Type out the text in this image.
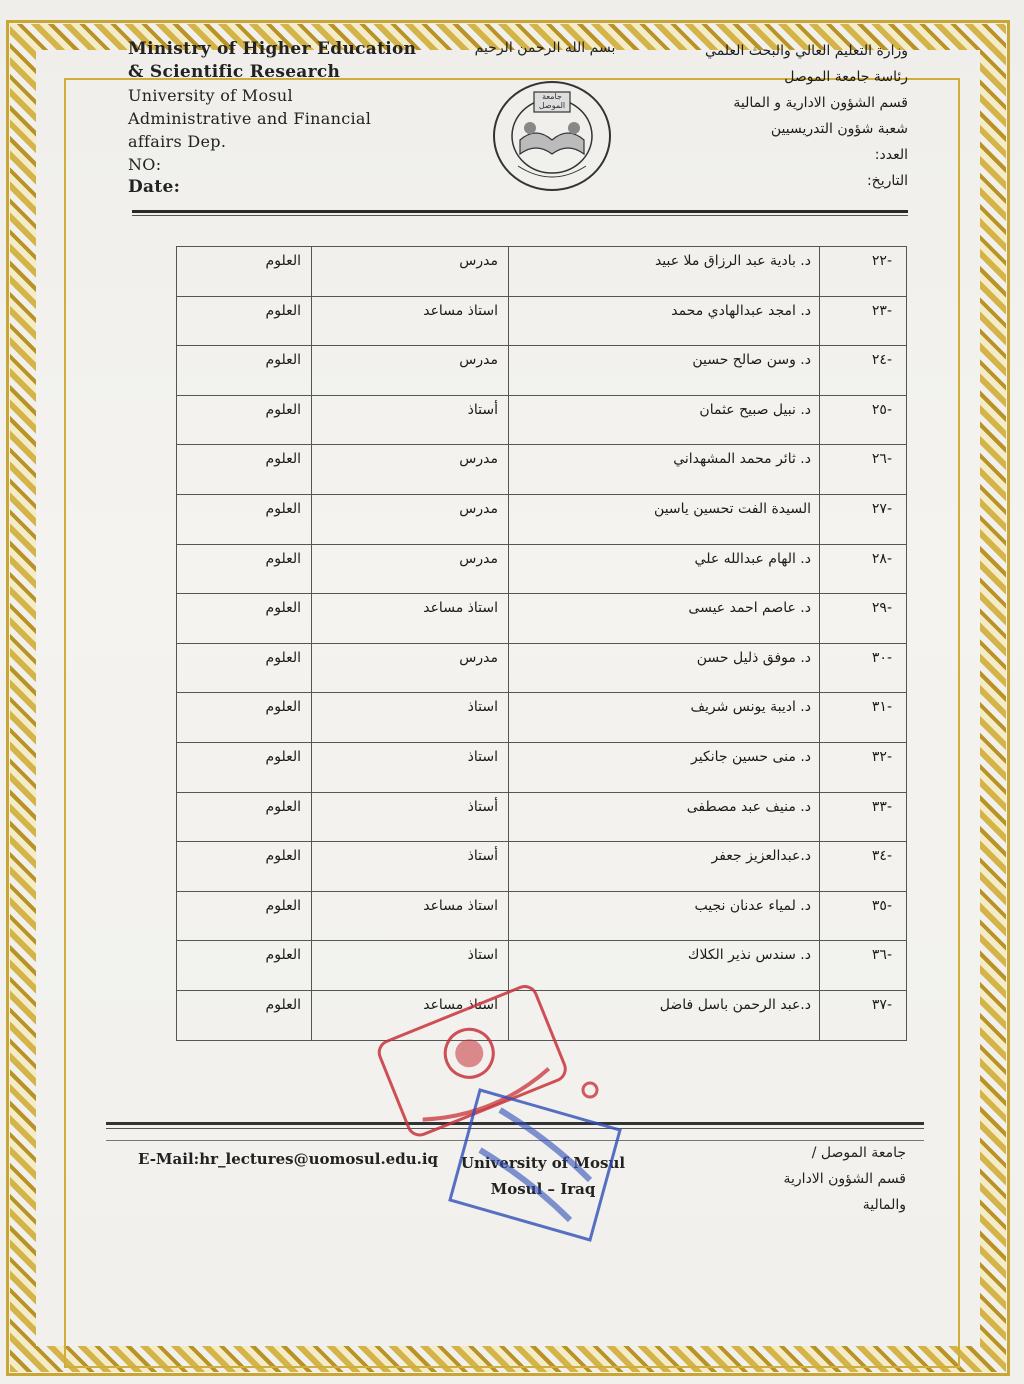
Ministry of Higher Education
& Scientific Research
University of Mosul
Administrative and Financial
affairs Dep.
NO:
Date:
بسم الله الرحمن الرحيم
جامعة الموصل
وزارة التعليم العالي والبحث العلمي
رئاسة جامعة الموصل
قسم الشؤون الادارية و المالية
شعبة شؤون التدريسيين
العدد:
التاريخ:
العلوم	مدرس	د. بادية عبد الرزاق ملا عبيد	-٢٢
العلوم	استاذ مساعد	د. امجد عبدالهادي محمد	-٢٣
العلوم	مدرس	د. وسن صالح حسين	-٢٤
العلوم	أستاذ	د. نبيل صبيح عثمان	-٢٥
العلوم	مدرس	د. ثائر محمد المشهداني	-٢٦
العلوم	مدرس	السيدة الفت تحسين ياسين	-٢٧
العلوم	مدرس	د. الهام عبدالله علي	-٢٨
العلوم	استاذ مساعد	د. عاصم احمد عيسى	-٢٩
العلوم	مدرس	د. موفق ذليل حسن	-٣٠
العلوم	استاذ	د. اديبة يونس شريف	-٣١
العلوم	استاذ	د. منى حسين جانكير	-٣٢
العلوم	أستاذ	د. منيف عبد مصطفى	-٣٣
العلوم	أستاذ	د.عبدالعزيز جعفر	-٣٤
العلوم	استاذ مساعد	د. لمياء عدنان نجيب	-٣٥
العلوم	استاذ	د. سندس نذير الكلاك	-٣٦
العلوم	استاذ مساعد	د.عبد الرحمن باسل فاضل	-٣٧
E-Mail:hr_lectures@uomosul.edu.iq University of Mosul
Mosul – Iraq
جامعة الموصل /
قسم الشؤون الادارية
والمالية
